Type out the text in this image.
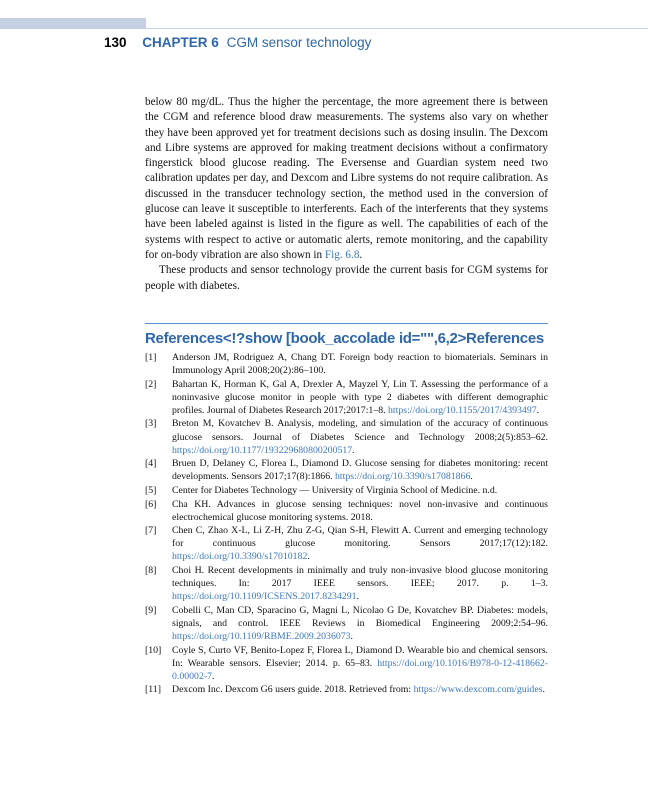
130 CHAPTER 6 CGM sensor technology

below 80 mg/dL. Thus the higher the percentage, the more agreement there is between the CGM and reference blood draw measurements. The systems also vary on whether they have been approved yet for treatment decisions such as dosing insulin. The Dexcom and Libre systems are approved for making treatment decisions without a confirmatory fingerstick blood glucose reading. The Eversense and Guardian system need two calibration updates per day, and Dexcom and Libre systems do not require calibration. As discussed in the transducer technology section, the method used in the conversion of glucose can leave it susceptible to interferents. Each of the interferents that they systems have been labeled against is listed in the figure as well. The capabilities of each of the systems with respect to active or automatic alerts, remote monitoring, and the capability for on-body vibration are also shown in Fig. 6.8.

These products and sensor technology provide the current basis for CGM systems for people with diabetes.

References<!?show [book_accolade id="",6,2>References
[1]	Anderson JM, Rodriguez A, Chang DT. Foreign body reaction to biomaterials. Seminars in Immunology April 2008;20(2):86–100.
[2]	Bahartan K, Horman K, Gal A, Drexler A, Mayzel Y, Lin T. Assessing the performance of a noninvasive glucose monitor in people with type 2 diabetes with different demographic profiles. Journal of Diabetes Research 2017;2017:1–8. https://doi.org/10.1155/2017/4393497.
[3]	Breton M, Kovatchev B. Analysis, modeling, and simulation of the accuracy of continuous glucose sensors. Journal of Diabetes Science and Technology 2008;2(5):853–62. https://doi.org/10.1177/193229680800200517.
[4]	Bruen D, Delaney C, Florea L, Diamond D. Glucose sensing for diabetes monitoring: recent developments. Sensors 2017;17(8):1866. https://doi.org/10.3390/s17081866.
[5]	Center for Diabetes Technology — University of Virginia School of Medicine. n.d.
[6]	Cha KH. Advances in glucose sensing techniques: novel non-invasive and continuous electrochemical glucose monitoring systems. 2018.
[7]	Chen C, Zhao X-L, Li Z-H, Zhu Z-G, Qian S-H, Flewitt A. Current and emerging technology for continuous glucose monitoring. Sensors 2017;17(12):182. https://doi.org/10.3390/s17010182.
[8]	Choi H. Recent developments in minimally and truly non-invasive blood glucose monitoring techniques. In: 2017 IEEE sensors. IEEE; 2017. p. 1–3. https://doi.org/10.1109/ICSENS.2017.8234291.
[9]	Cobelli C, Man CD, Sparacino G, Magni L, Nicolao G De, Kovatchev BP. Diabetes: models, signals, and control. IEEE Reviews in Biomedical Engineering 2009;2:54–96. https://doi.org/10.1109/RBME.2009.2036073.
[10]	Coyle S, Curto VF, Benito-Lopez F, Florea L, Diamond D. Wearable bio and chemical sensors. In: Wearable sensors. Elsevier; 2014. p. 65–83. https://doi.org/10.1016/B978-0-12-418662-0.00002-7.
[11]	Dexcom Inc. Dexcom G6 users guide. 2018. Retrieved from: https://www.dexcom.com/guides.
